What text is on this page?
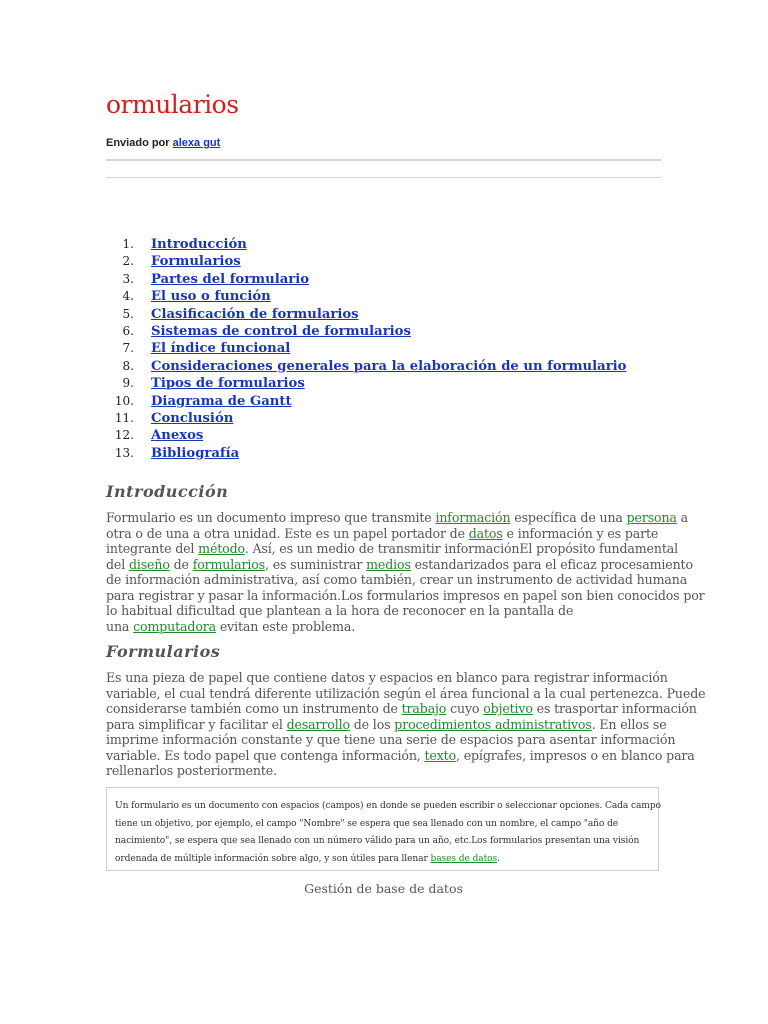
ormularios
Enviado por alexa gut
1. Introducción
2. Formularios
3. Partes del formulario
4. El uso o función
5. Clasificación de formularios
6. Sistemas de control de formularios
7. El índice funcional
8. Consideraciones generales para la elaboración de un formulario
9. Tipos de formularios
10. Diagrama de Gantt
11. Conclusión
12. Anexos
13. Bibliografía
Introducción
Formulario es un documento impreso que transmite información específica de una persona a
otra o de una a otra unidad. Este es un papel portador de datos e información y es parte
integrante del método. Así, es un medio de transmitir informaciónEl propósito fundamental
del diseño de formularios, es suministrar medios estandarizados para el eficaz procesamiento
de información administrativa, así como también, crear un instrumento de actividad humana
para registrar y pasar la información.Los formularios impresos en papel son bien conocidos por
lo habitual dificultad que plantean a la hora de reconocer en la pantalla de
una computadora evitan este problema.
Formularios
Es una pieza de papel que contiene datos y espacios en blanco para registrar información
variable, el cual tendrá diferente utilización según el área funcional a la cual pertenezca. Puede
considerarse también como un instrumento de trabajo cuyo objetivo es trasportar información
para simplificar y facilitar el desarrollo de los procedimientos administrativos. En ellos se
imprime información constante y que tiene una serie de espacios para asentar información
variable. Es todo papel que contenga información, texto, epígrafes, impresos o en blanco para
rellenarlos posteriormente.
Un formulario es un documento con espacios (campos) en donde se pueden escribir o seleccionar opciones. Cada campo
tiene un objetivo, por ejemplo, el campo "Nombre" se espera que sea llenado con un nombre, el campo "año de
nacimiento", se espera que sea llenado con un número válido para un año, etc.Los formularios presentan una visión
ordenada de múltiple información sobre algo, y son útiles para llenar bases de datos.
Gestión de base de datos
